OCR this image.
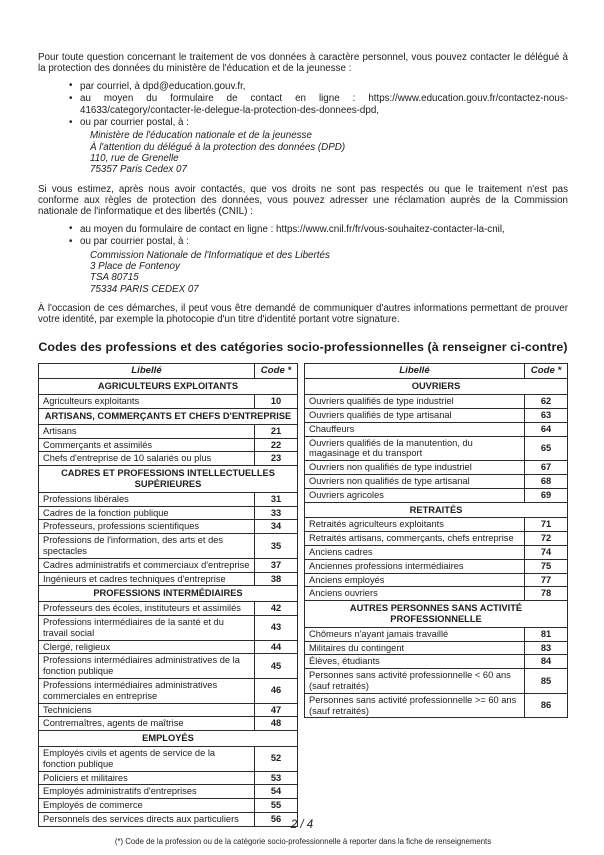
Pour toute question concernant le traitement de vos données à caractère personnel, vous pouvez contacter le délégué à la protection des données du ministère de l'éducation et de la jeunesse :

• par courriel, à dpd@education.gouv.fr,
• au moyen du formulaire de contact en ligne : https://www.education.gouv.fr/contactez-nous-41633/category/contacter-le-delegue-la-protection-des-donnees-dpd,
• ou par courrier postal, à :
Ministère de l'éducation nationale et de la jeunesse
À l'attention du délégué à la protection des données (DPD)
110, rue de Grenelle
75357 Paris Cedex 07

Si vous estimez, après nous avoir contactés, que vos droits ne sont pas respectés ou que le traitement n'est pas conforme aux règles de protection des données, vous pouvez adresser une réclamation auprès de la Commission nationale de l'informatique et des libertés (CNIL) :

• au moyen du formulaire de contact en ligne : https://www.cnil.fr/fr/vous-souhaitez-contacter-la-cnil,
• ou par courrier postal, à :
Commission Nationale de l'Informatique et des Libertés
3 Place de Fontenoy
TSA 80715
75334 PARIS CEDEX 07

À l'occasion de ces démarches, il peut vous être demandé de communiquer d'autres informations permettant de prouver votre identité, par exemple la photocopie d'un titre d'identité portant votre signature.

Codes des professions et des catégories socio-professionnelles (à renseigner ci-contre)
Libellé	Code *
AGRICULTEURS EXPLOITANTS	
Agriculteurs exploitants	10
ARTISANS, COMMERÇANTS ET CHEFS D'ENTREPRISE	
Artisans	21
Commerçants et assimilés	22
Chefs d'entreprise de 10 salariés ou plus	23
CADRES ET PROFESSIONS INTELLECTUELLES SUPÉRIEURES	
Professions libérales	31
Cadres de la fonction publique	33
Professeurs, professions scientifiques	34
Professions de l'information, des arts et des spectacles	35
Cadres administratifs et commerciaux d'entreprise	37
Ingénieurs et cadres techniques d'entreprise	38
PROFESSIONS INTERMÉDIAIRES	
Professeurs des écoles, instituteurs et assimilés	42
Professions intermédiaires de la santé et du travail social	43
Clergé, religieux	44
Professions intermédiaires administratives de la fonction publique	45
Professions intermédiaires administratives commerciales en entreprise	46
Techniciens	47
Contremaîtres, agents de maîtrise	48
EMPLOYÉS	
Employés civils et agents de service de la fonction publique	52
Policiers et militaires	53
Employés administratifs d'entreprises	54
Employés de commerce	55
Personnels des services directs aux particuliers	56
Libellé	Code *
OUVRIERS	
Ouvriers qualifiés de type industriel	62
Ouvriers qualifiés de type artisanal	63
Chauffeurs	64
Ouvriers qualifiés de la manutention, du magasinage et du transport	65
Ouvriers non qualifiés de type industriel	67
Ouvriers non qualifiés de type artisanal	68
Ouvriers agricoles	69
RETRAITÉS	
Retraités agriculteurs exploitants	71
Retraités artisans, commerçants, chefs entreprise	72
Anciens cadres	74
Anciennes professions intermédiaires	75
Anciens employés	77
Anciens ouvriers	78
AUTRES PERSONNES SANS ACTIVITÉ PROFESSIONNELLE	
Chômeurs n'ayant jamais travaillé	81
Militaires du contingent	83
Élèves, étudiants	84
Personnes sans activité professionnelle < 60 ans (sauf retraités)	85
Personnes sans activité professionnelle >= 60 ans (sauf retraités)	86
(*) Code de la profession ou de la catégorie socio-professionnelle à reporter dans la fiche de renseignements
2 / 4
